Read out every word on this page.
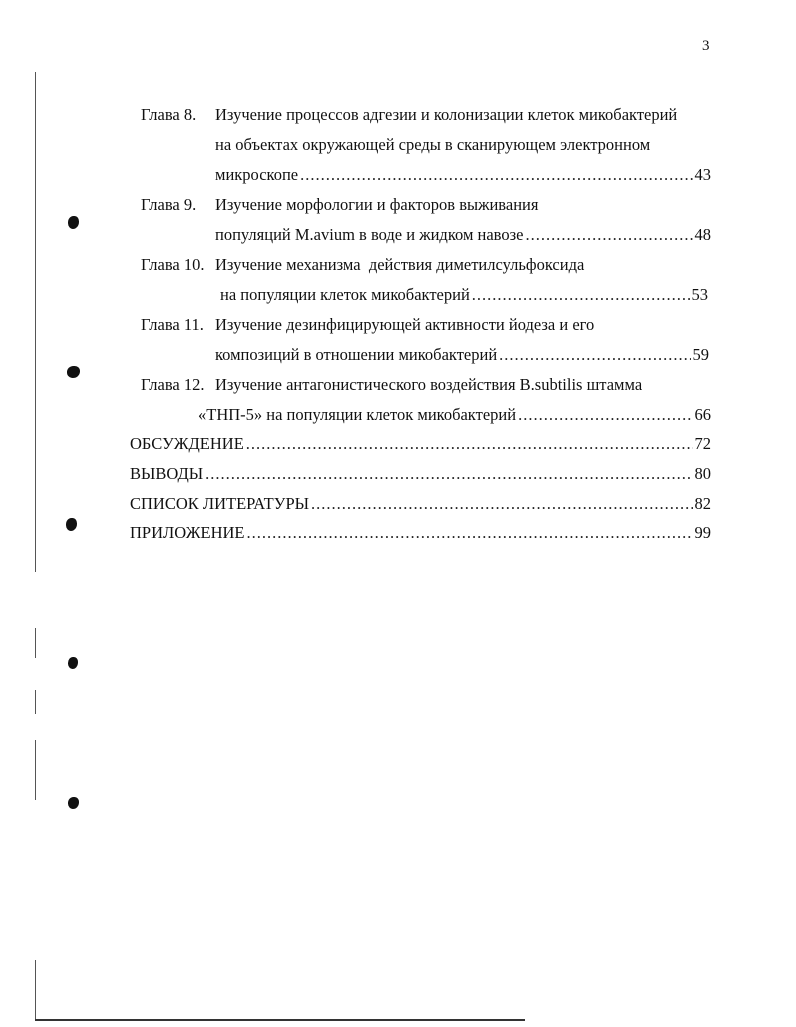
3
Глава 8. Изучение процессов адгезии и колонизации клеток микобактерий
на объектах окружающей среды в сканирующем электронном
микроскопе .....	43
Глава 9. Изучение морфологии и факторов выживания
популяций M.avium в воде и жидком навозе .....	48
Глава 10. Изучение механизма  действия диметилсульфоксида
на популяции клеток микобактерий .....	53
Глава 11. Изучение дезинфицирующей активности йодеза и его
композиций в отношении микобактерий .....	59
Глава 12. Изучение антагонистического воздействия B.subtilis штамма
«ТНП-5» на популяции клеток микобактерий .....	66
ОБСУЖДЕНИЕ .....	72
ВЫВОДЫ .....	80
СПИСОК ЛИТЕРАТУРЫ .....	82
ПРИЛОЖЕНИЕ .....	99
